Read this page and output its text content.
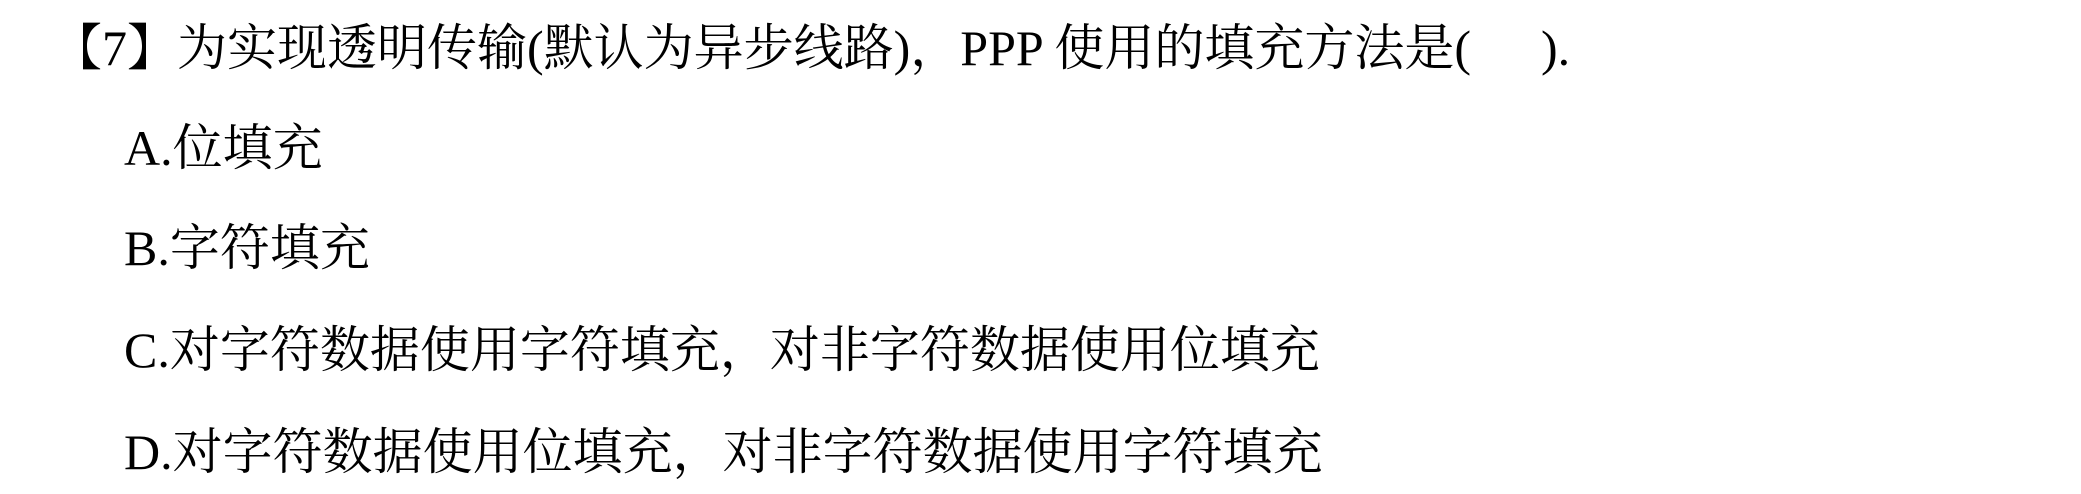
【7】为实现透明传输(默认为异步线路)，PPP 使用的填充方法是( ).
A.位填充
B.字符填充
C.对字符数据使用字符填充，对非字符数据使用位填充
D.对字符数据使用位填充，对非字符数据使用字符填充
